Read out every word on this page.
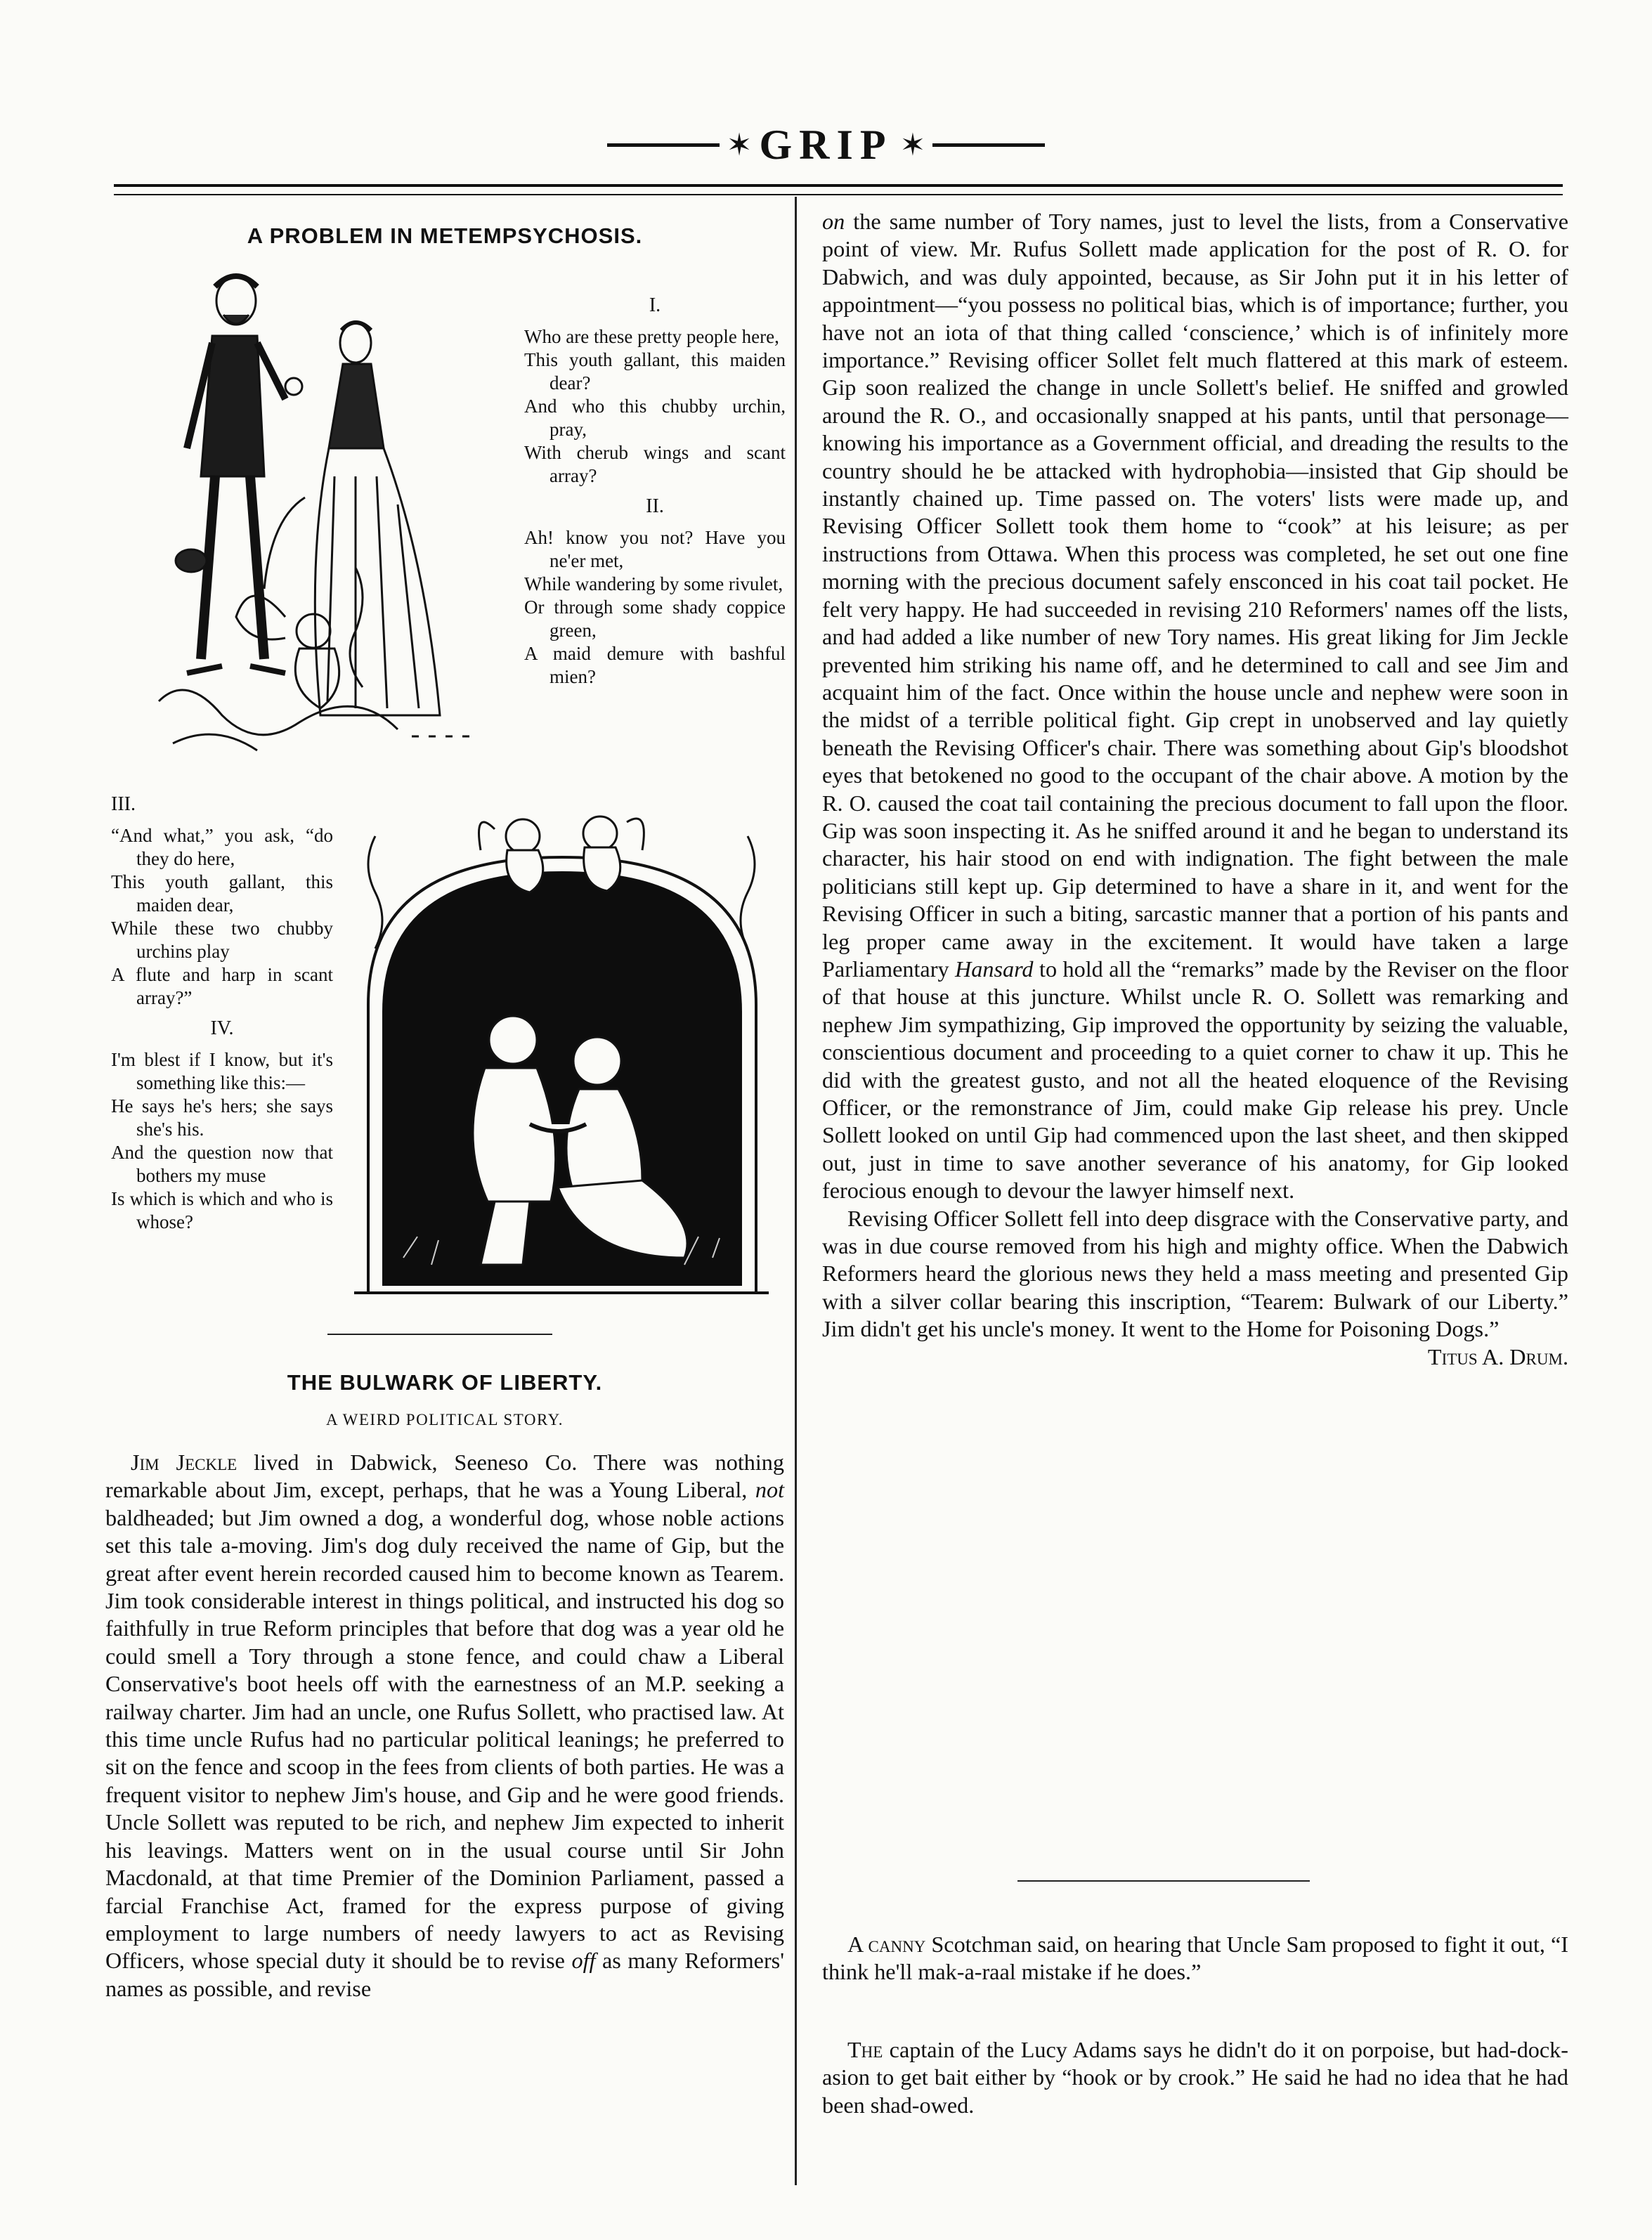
✶ GRIP ✶
A PROBLEM IN METEMPSYCHOSIS.
I.
Who are these pretty people here,
This youth gallant, this maiden dear?
And who this chubby urchin, pray,
With cherub wings and scant array?
II.
Ah! know you not? Have you ne'er met,
While wandering by some rivulet,
Or through some shady coppice green,
A maid demure with bashful mien?
III.
“And what,” you ask, “do they do here,
This youth gallant, this maiden dear,
While these two chubby urchins play
A flute and harp in scant array?”
IV.
I'm blest if I know, but it's something like this:—
He says he's hers; she says she's his.
And the question now that bothers my muse
Is which is which and who is whose?
THE BULWARK OF LIBERTY.
A WEIRD POLITICAL STORY.

Jim Jeckle lived in Dabwick, Seeneso Co. There was nothing remarkable about Jim, except, perhaps, that he was a Young Liberal, not baldheaded; but Jim owned a dog, a wonderful dog, whose noble actions set this tale a-moving. Jim's dog duly received the name of Gip, but the great after event herein recorded caused him to become known as Tearem. Jim took considerable interest in things political, and instructed his dog so faithfully in true Reform principles that before that dog was a year old he could smell a Tory through a stone fence, and could chaw a Liberal Conservative's boot heels off with the earnestness of an M.P. seeking a railway charter. Jim had an uncle, one Rufus Sollett, who practised law. At this time uncle Rufus had no particular political leanings; he preferred to sit on the fence and scoop in the fees from clients of both parties. He was a frequent visitor to nephew Jim's house, and Gip and he were good friends. Uncle Sollett was reputed to be rich, and nephew Jim expected to inherit his leavings. Matters went on in the usual course until Sir John Macdonald, at that time Premier of the Dominion Parliament, passed a farcial Franchise Act, framed for the express purpose of giving employment to large numbers of needy lawyers to act as Revising Officers, whose special duty it should be to revise off as many Reformers' names as possible, and revise

on the same number of Tory names, just to level the lists, from a Conservative point of view. Mr. Rufus Sollett made application for the post of R. O. for Dabwich, and was duly appointed, because, as Sir John put it in his letter of appointment—“you possess no political bias, which is of importance; further, you have not an iota of that thing called ‘conscience,’ which is of infinitely more importance.” Revising officer Sollet felt much flattered at this mark of esteem. Gip soon realized the change in uncle Sollett's belief. He sniffed and growled around the R. O., and occasionally snapped at his pants, until that personage—knowing his importance as a Government official, and dreading the results to the country should he be attacked with hydrophobia—insisted that Gip should be instantly chained up. Time passed on. The voters' lists were made up, and Revising Officer Sollett took them home to “cook” at his leisure; as per instructions from Ottawa. When this process was completed, he set out one fine morning with the precious document safely ensconced in his coat tail pocket. He felt very happy. He had succeeded in revising 210 Reformers' names off the lists, and had added a like number of new Tory names. His great liking for Jim Jeckle prevented him striking his name off, and he determined to call and see Jim and acquaint him of the fact. Once within the house uncle and nephew were soon in the midst of a terrible political fight. Gip crept in unobserved and lay quietly beneath the Revising Officer's chair. There was something about Gip's bloodshot eyes that betokened no good to the occupant of the chair above. A motion by the R. O. caused the coat tail containing the precious document to fall upon the floor. Gip was soon inspecting it. As he sniffed around it and he began to understand its character, his hair stood on end with indignation. The fight between the male politicians still kept up. Gip determined to have a share in it, and went for the Revising Officer in such a biting, sarcastic manner that a portion of his pants and leg proper came away in the excitement. It would have taken a large Parliamentary Hansard to hold all the “remarks” made by the Reviser on the floor of that house at this juncture. Whilst uncle R. O. Sollett was remarking and nephew Jim sympathizing, Gip improved the opportunity by seizing the valuable, conscientious document and proceeding to a quiet corner to chaw it up. This he did with the greatest gusto, and not all the heated eloquence of the Revising Officer, or the remonstrance of Jim, could make Gip release his prey. Uncle Sollett looked on until Gip had commenced upon the last sheet, and then skipped out, just in time to save another severance of his anatomy, for Gip looked ferocious enough to devour the lawyer himself next.

Revising Officer Sollett fell into deep disgrace with the Conservative party, and was in due course removed from his high and mighty office. When the Dabwich Reformers heard the glorious news they held a mass meeting and presented Gip with a silver collar bearing this inscription, “Tearem: Bulwark of our Liberty.” Jim didn't get his uncle's money. It went to the Home for Poisoning Dogs.”

Titus A. Drum.

A canny Scotchman said, on hearing that Uncle Sam proposed to fight it out, “I think he'll mak-a-raal mistake if he does.”

The captain of the Lucy Adams says he didn't do it on porpoise, but had-dock-asion to get bait either by “hook or by crook.” He said he had no idea that he had been shad-owed.
